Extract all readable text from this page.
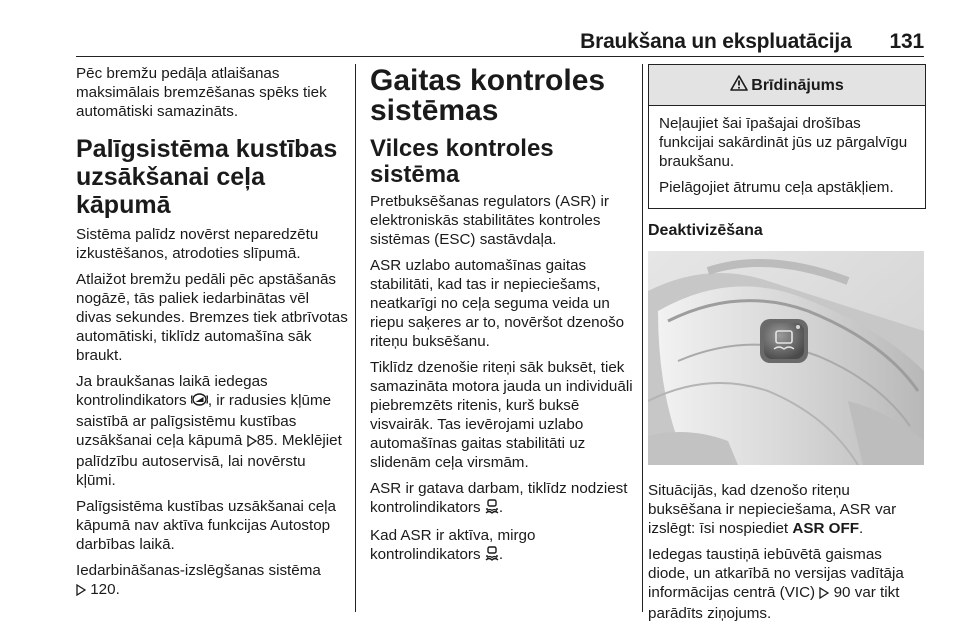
Braukšana un ekspluatācija 131

Pēc bremžu pedāļa atlaišanas maksimālais bremzēšanas spēks tiek automātiski samazināts.

Palīgsistēma kustības uzsākšanai ceļa kāpumā

Sistēma palīdz novērst neparedzētu izkustēšanos, atrodoties slīpumā.

Atlaižot bremžu pedāli pēc apstāšanās nogāzē, tās paliek iedarbinātas vēl divas sekundes. Bremzes tiek atbrīvotas automātiski, tiklīdz automašīna sāk braukt.

Ja braukšanas laikā iedegas kontrolindikators , ir radusies kļūme saistībā ar palīgsistēmu kustības uzsākšanai ceļa kāpumā 85. Meklējiet palīdzību autoservisā, lai novērstu kļūmi.

Palīgsistēma kustības uzsākšanai ceļa kāpumā nav aktīva funkcijas Autostop darbības laikā.

Iedarbināšanas-izslēgšanas sistēma
120.

Gaitas kontroles sistēmas
Vilces kontroles sistēma

Pretbuksēšanas regulators (ASR) ir elektroniskās stabilitātes kontroles sistēmas (ESC) sastāvdaļa.

ASR uzlabo automašīnas gaitas stabilitāti, kad tas ir nepieciešams, neatkarīgi no ceļa seguma veida un riepu saķeres ar to, novēršot dzenošo riteņu buksēšanu.

Tiklīdz dzenošie riteņi sāk buksēt, tiek samazināta motora jauda un individuāli piebremzēts ritenis, kurš buksē visvairāk. Tas ievērojami uzlabo automašīnas gaitas stabilitāti uz slidenām ceļa virsmām.

ASR ir gatava darbam, tiklīdz nodziest kontrolindikators .

Kad ASR ir aktīva, mirgo kontrolindikators .

Brīdinājums

Neļaujiet šai īpašajai drošības funkcijai sakārdināt jūs uz pārgalvīgu braukšanu.

Pielāgojiet ātrumu ceļa apstākļiem.

Deaktivizēšana

Situācijās, kad dzenošo riteņu buksēšana ir nepieciešama, ASR var izslēgt: īsi nospiediet ASR OFF.

Iedegas taustiņā iebūvētā gaismas diode, un atkarībā no versijas vadītāja informācijas centrā (VIC) 90 var tikt parādīts ziņojums.
